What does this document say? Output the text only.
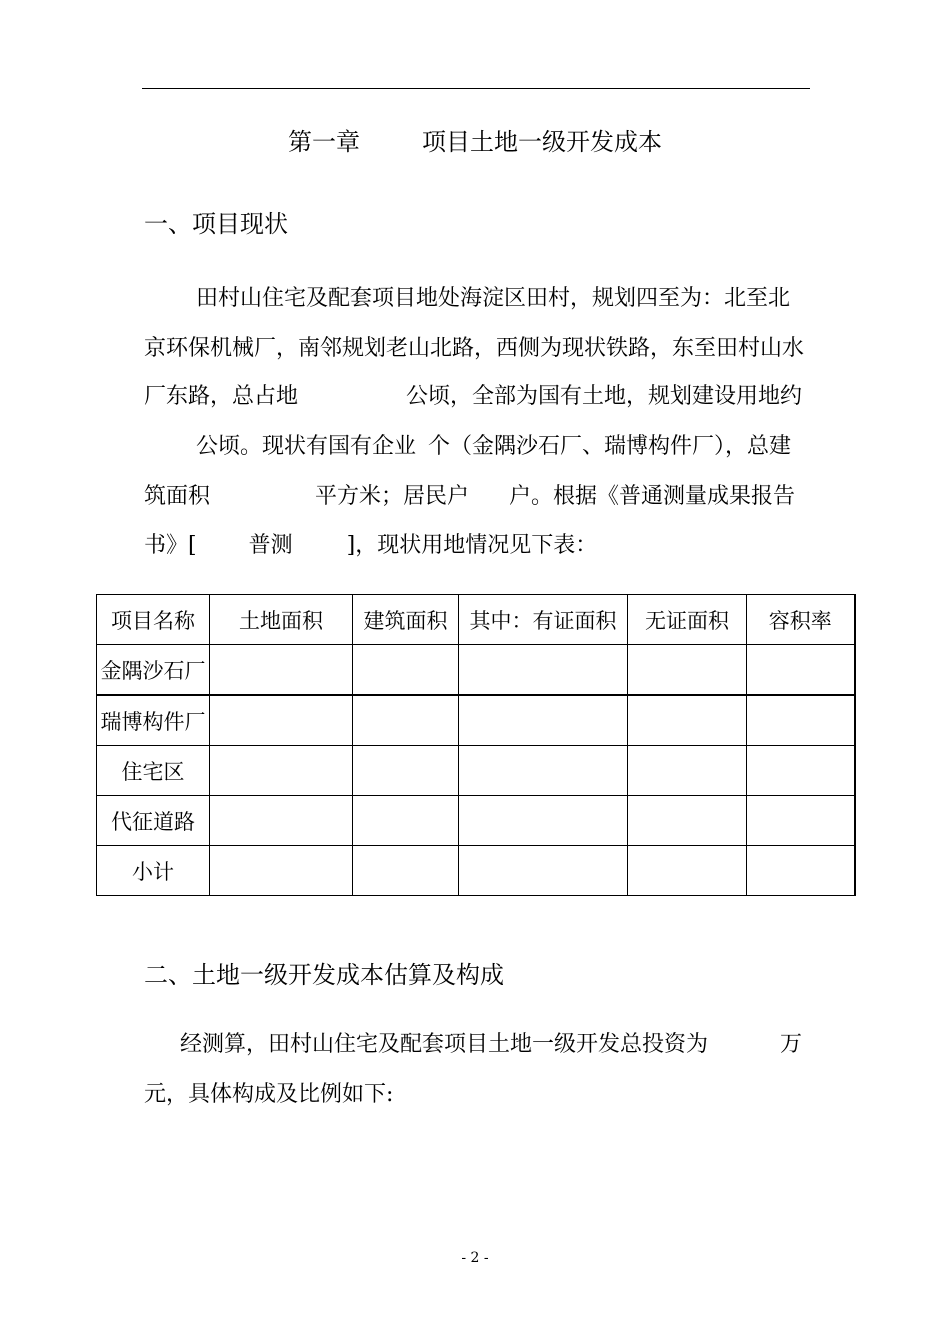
第一章	项目土地一级开发成本
一、项目现状
田村山住宅及配套项目地处海淀区田村，规划四至为：北至北
京环保机械厂，南邻规划老山北路，西侧为现状铁路，东至田村山水
厂东路，总占地	公顷，全部为国有土地，规划建设用地约
公顷。现状有国有企业 个（金隅沙石厂、瑞博构件厂），总建
筑面积	平方米；居民户 户。根据《普通测量成果报告
书》[ 普测 ]，现状用地情况见下表：
项目名称	土地面积	建筑面积	其中：有证面积	无证面积	容积率
金隅沙石厂					
瑞博构件厂					
住宅区					
代征道路					
小计					
二、土地一级开发成本估算及构成
经测算，田村山住宅及配套项目土地一级开发总投资为	万
元，具体构成及比例如下:
- 2 -
